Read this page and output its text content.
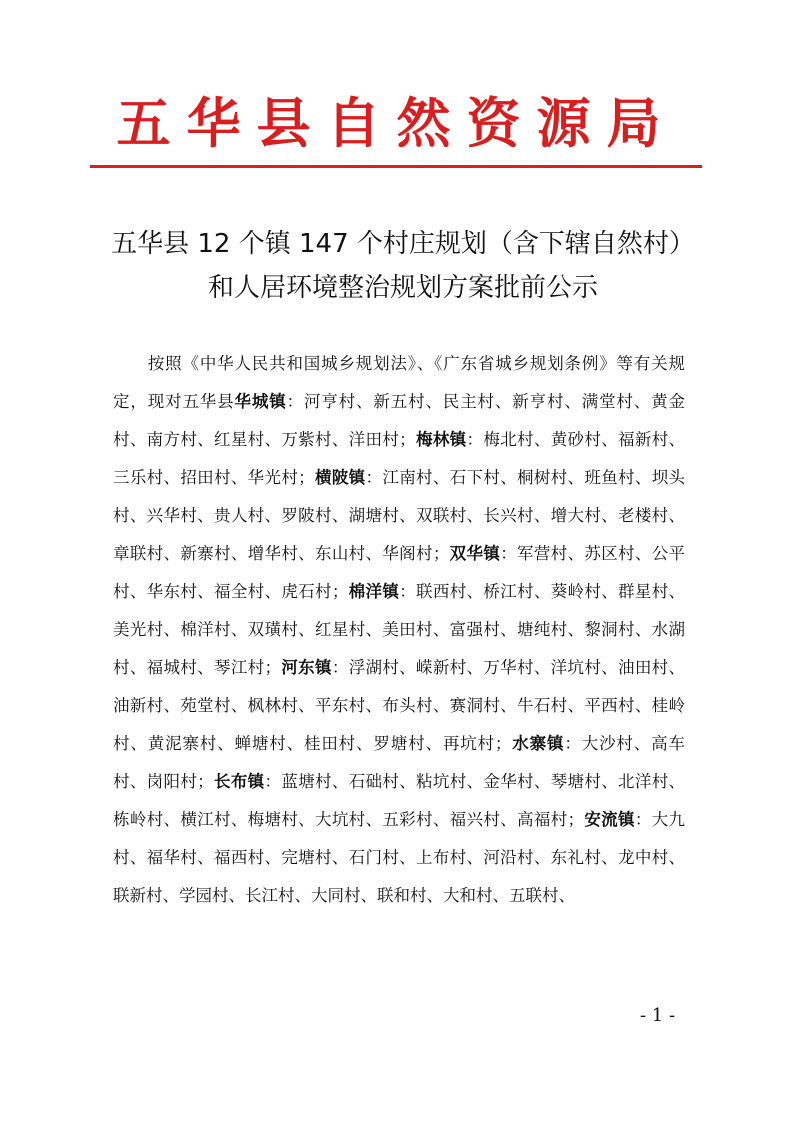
五华县自然资源局
五华县 12 个镇 147 个村庄规划（含下辖自然村）和人居环境整治规划方案批前公示
按照《中华人民共和国城乡规划法》、《广东省城乡规划条例》等有关规定，现对五华县华城镇：河亨村、新五村、民主村、新亨村、满堂村、黄金村、南方村、红星村、万紫村、洋田村；梅林镇：梅北村、黄砂村、福新村、三乐村、招田村、华光村；横陂镇：江南村、石下村、桐树村、班鱼村、坝头村、兴华村、贵人村、罗陂村、湖塘村、双联村、长兴村、增大村、老楼村、章联村、新寨村、增华村、东山村、华阁村；双华镇：军营村、苏区村、公平村、华东村、福全村、虎石村；棉洋镇：联西村、桥江村、葵岭村、群星村、美光村、棉洋村、双璜村、红星村、美田村、富强村、塘纯村、黎洞村、水湖村、福城村、琴江村；河东镇：浮湖村、嵘新村、万华村、洋坑村、油田村、油新村、苑堂村、枫林村、平东村、布头村、赛洞村、牛石村、平西村、桂岭村、黄泥寨村、蝉塘村、桂田村、罗塘村、再坑村；水寨镇：大沙村、高车村、岗阳村；长布镇：蓝塘村、石础村、粘坑村、金华村、琴塘村、北洋村、栋岭村、横江村、梅塘村、大坑村、五彩村、福兴村、高福村；安流镇：大九村、福华村、福西村、完塘村、石门村、上布村、河沿村、东礼村、龙中村、联新村、学园村、长江村、大同村、联和村、大和村、五联村、
- 1 -
